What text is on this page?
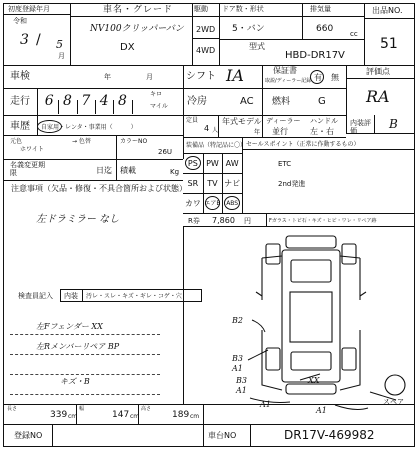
初度登録年月
令和
3 / 5
月
車名・グレード
NV100クリッパーバン
DX
駆動
2WD
4WD
ドア数・形状
5・バン
排気量
660 cc
型式
HBD-DR17V
出品NO.
51
車検	年	月	シフト IA	保証書
取説/ディーラー記録 有 無
評価点
RA
走行	6 8 7 4 8	キロ
マイル 冷房	AC 燃料	G
車歴 自家用・レンタ・事業用（　　　）
定員
4 人
年式モデル
年
ディーラー
並行
ハンドル
左・右
内装評価	B
元色
ホワイト
→ 色替	カラーNO
26U
名義変更期限	日迄 積載	Kg
装備品（特記品に〇）
PS	PW AW
SR	TV ナビ
カワ エアB ABS
R券 7,860 円
セールスポイント（正常に作動するもの）
ETC
2nd発進
Fガラス・トビ石・キズ・ヒビ・ワレ・リペア跡
注意事項（欠品・修復・不具合箇所および状態）
左ドラミラー なし
検査員記入 内装 汚レ・スレ・キズ・ギレ・コゲ・穴
左Fフェンダー XX
左Rメンバーリペア BP
キズ・B
B2
B3
A1
B3
A1
XX
A1
A1	スペア
長さ
339 cm
幅
147 cm
高さ
189 cm
登録NO	車台NO	DR17V-469982
